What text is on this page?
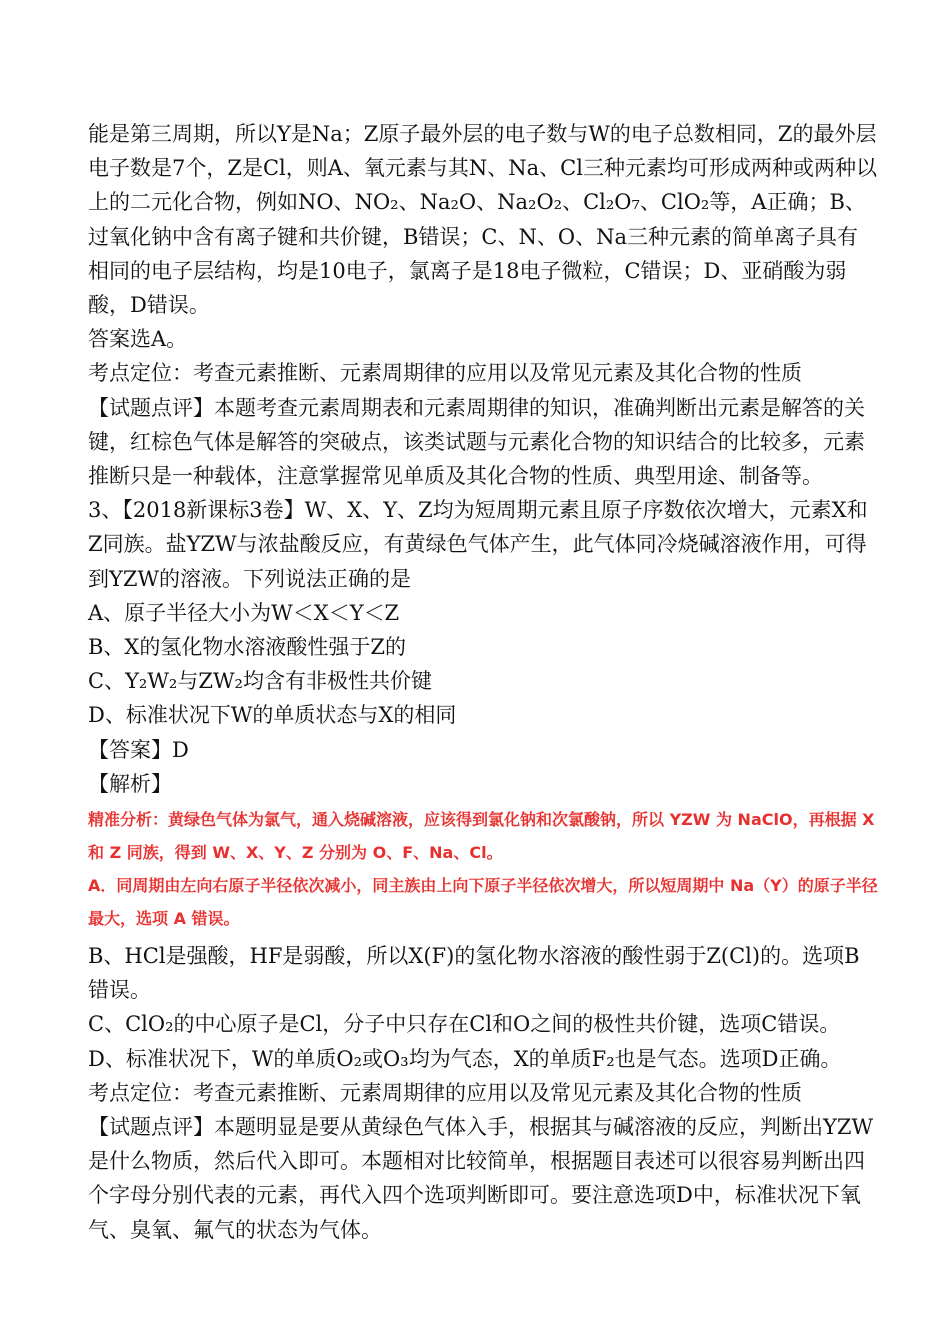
能是第三周期，所以Y是Na；Z原子最外层的电子数与W的电子总数相同，Z的最外层电子数是7个，Z是Cl，则A、氧元素与其N、Na、Cl三种元素均可形成两种或两种以上的二元化合物，例如NO、NO₂、Na₂O、Na₂O₂、Cl₂O₇、ClO₂等，A正确；B、过氧化钠中含有离子键和共价键，B错误；C、N、O、Na三种元素的简单离子具有相同的电子层结构，均是10电子，氯离子是18电子微粒，C错误；D、亚硝酸为弱酸，D错误。

答案选A。

考点定位：考查元素推断、元素周期律的应用以及常见元素及其化合物的性质

【试题点评】本题考查元素周期表和元素周期律的知识，准确判断出元素是解答的关键，红棕色气体是解答的突破点，该类试题与元素化合物的知识结合的比较多，元素推断只是一种载体，注意掌握常见单质及其化合物的性质、典型用途、制备等。

3、【2018新课标3卷】W、X、Y、Z均为短周期元素且原子序数依次增大，元素X和Z同族。盐YZW与浓盐酸反应，有黄绿色气体产生，此气体同冷烧碱溶液作用，可得到YZW的溶液。下列说法正确的是

A、原子半径大小为W＜X＜Y＜Z

B、X的氢化物水溶液酸性强于Z的

C、Y₂W₂与ZW₂均含有非极性共价键

D、标准状况下W的单质状态与X的相同

【答案】D

【解析】

精准分析：黄绿色气体为氯气，通入烧碱溶液，应该得到氯化钠和次氯酸钠，所以 YZW 为 NaClO，再根据 X 和 Z 同族，得到 W、X、Y、Z 分别为 O、F、Na、Cl。

A．同周期由左向右原子半径依次减小，同主族由上向下原子半径依次增大，所以短周期中 Na（Y）的原子半径最大，选项 A 错误。

B、HCl是强酸，HF是弱酸，所以X(F)的氢化物水溶液的酸性弱于Z(Cl)的。选项B错误。

C、ClO₂的中心原子是Cl，分子中只存在Cl和O之间的极性共价键，选项C错误。

D、标准状况下，W的单质O₂或O₃均为气态，X的单质F₂也是气态。选项D正确。

考点定位：考查元素推断、元素周期律的应用以及常见元素及其化合物的性质

【试题点评】本题明显是要从黄绿色气体入手，根据其与碱溶液的反应，判断出YZW是什么物质，然后代入即可。本题相对比较简单，根据题目表述可以很容易判断出四个字母分别代表的元素，再代入四个选项判断即可。要注意选项D中，标准状况下氧气、臭氧、氟气的状态为气体。
